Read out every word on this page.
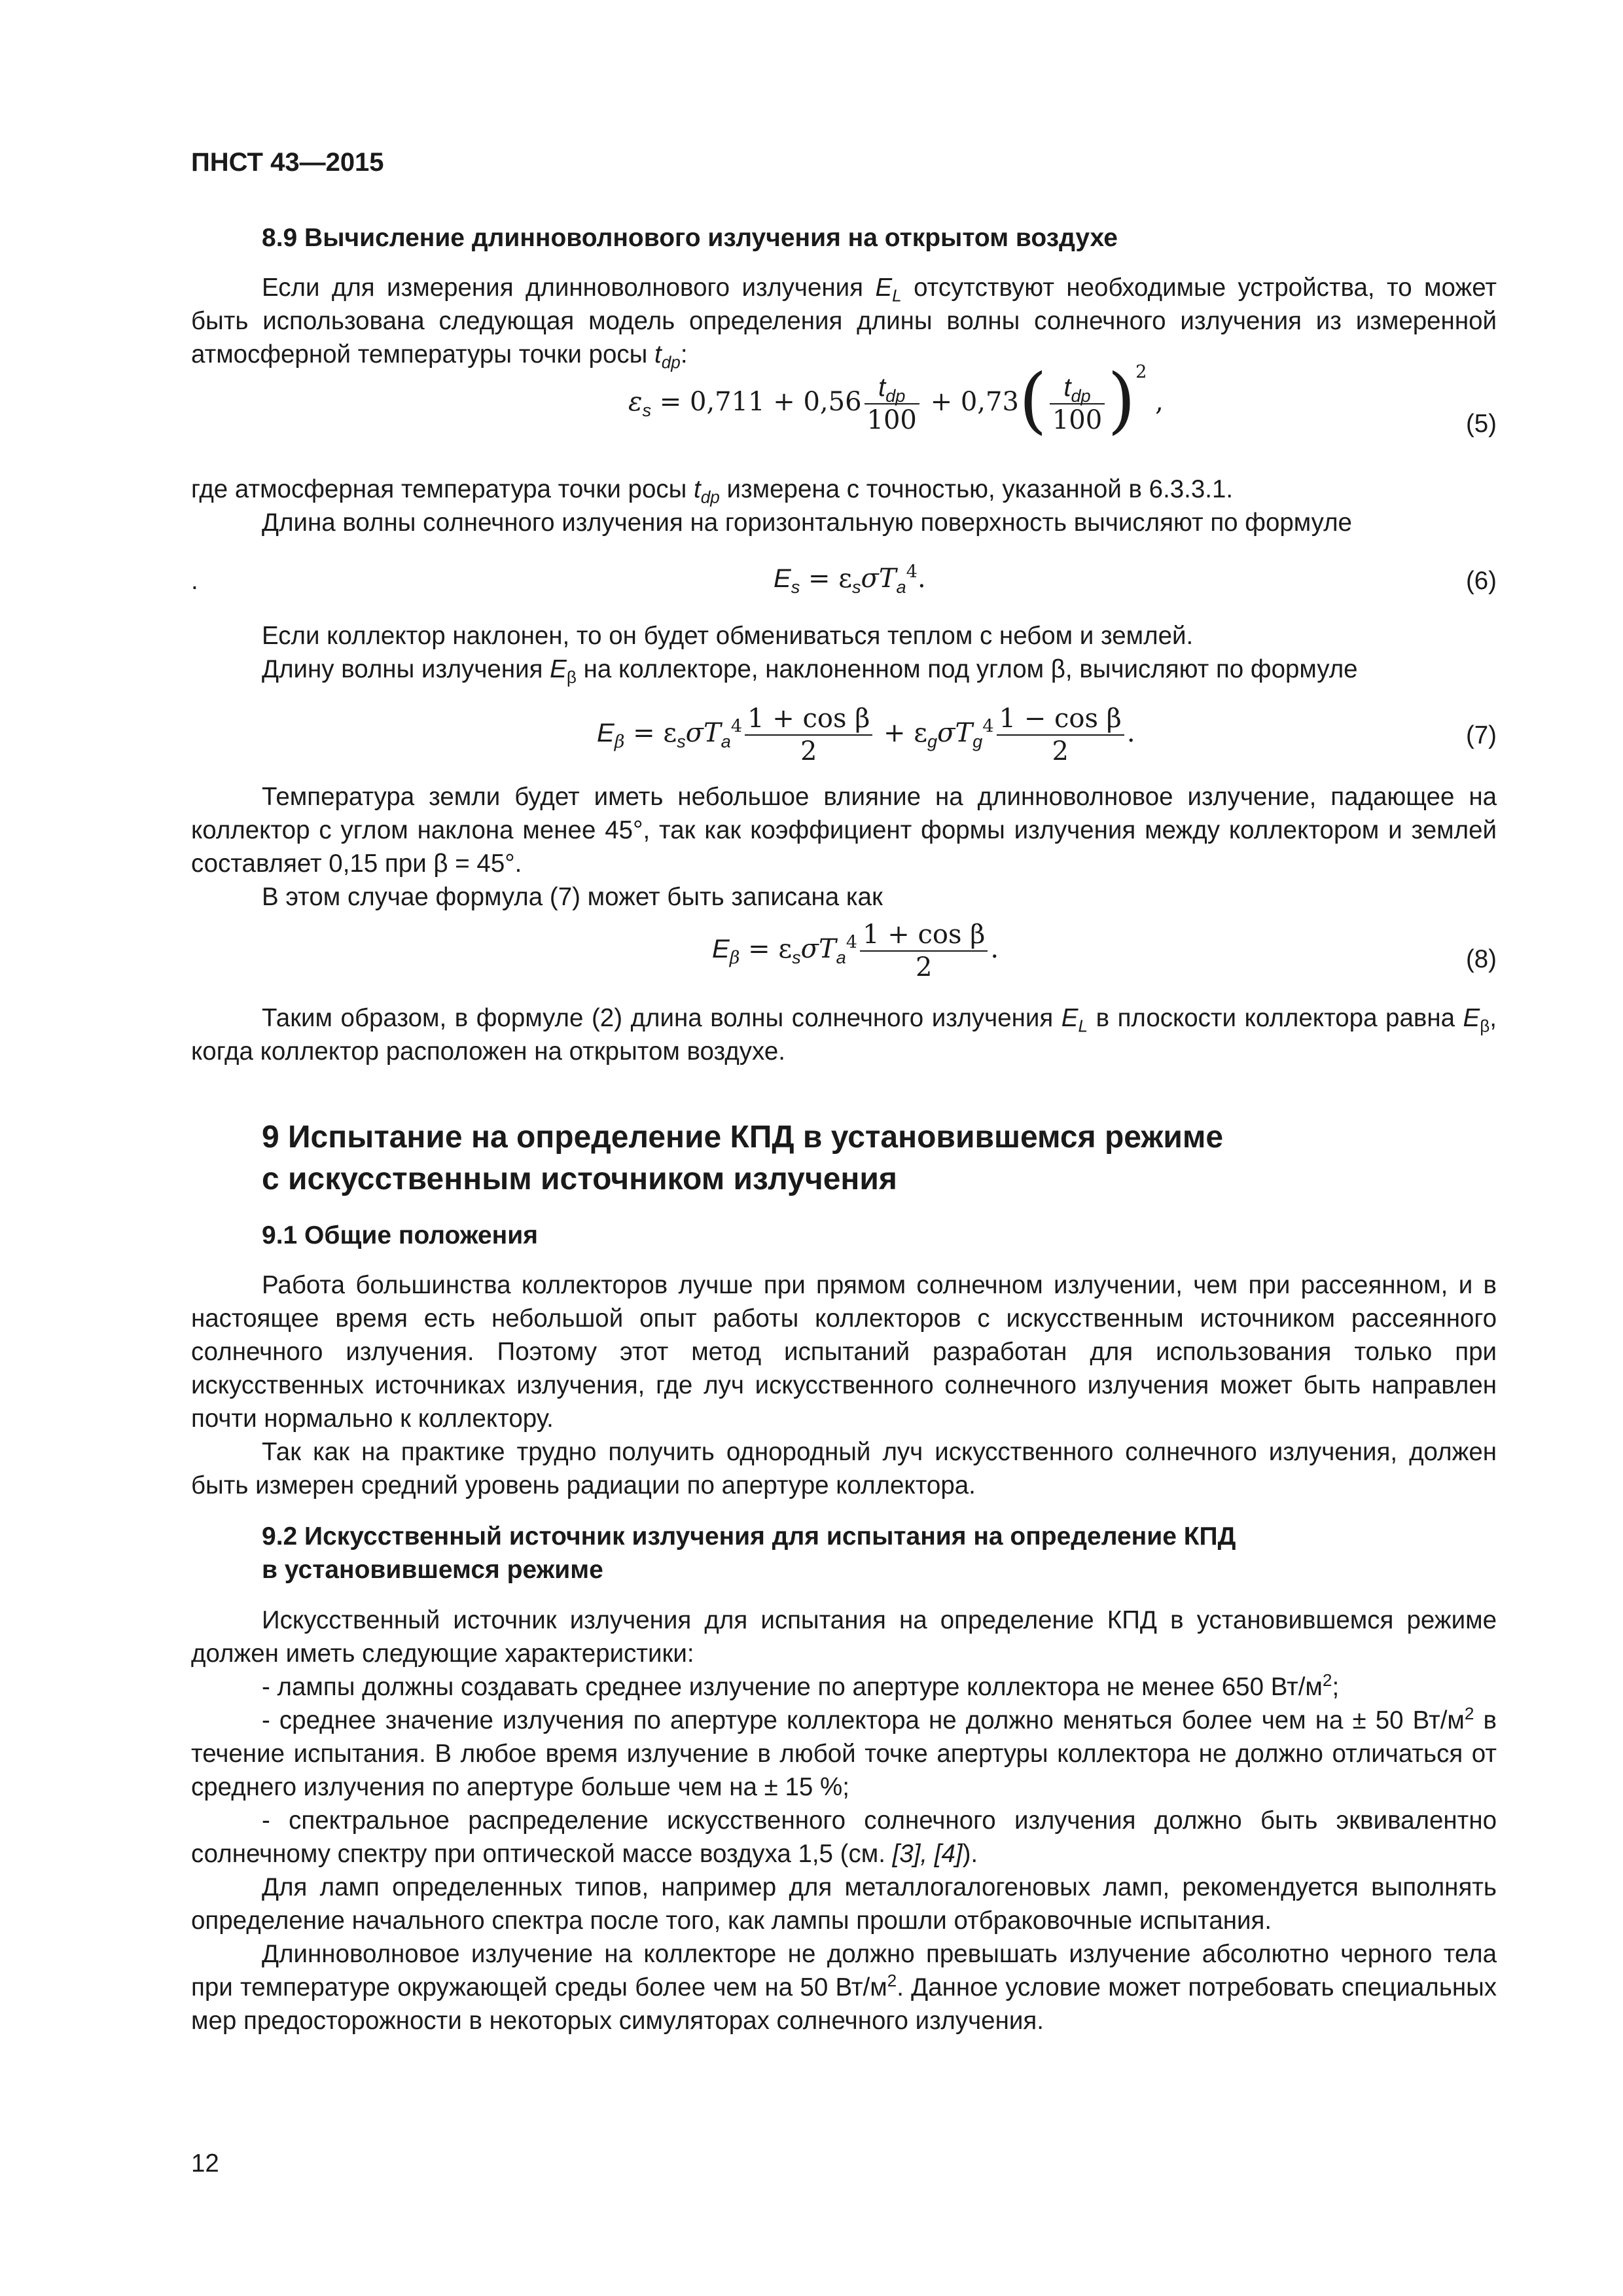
ПНСТ 43—2015
8.9 Вычисление длинноволнового излучения на открытом воздухе

Если для измерения длинноволнового излучения $E_L$ отсутствуют необходимые устройства, то может быть использована следующая модель определения длины волны солнечного излучения из измеренной атмосферной температуры точки росы $t_{dp}$:

$\varepsilon_s = 0,711 + 0,56 \frac{t_{dp}}{100} + 0,73( \frac{t_{dp}}{100} )^2$ ,
(5)

где атмосферная температура точки росы $t_{dp}$ измерена с точностью, указанной в 6.3.3.1.

Длина волны солнечного излучения на горизонтальную поверхность вычисляют по формуле

.	$E_s = \varepsilon_s\sigma T_a^4$.	(6)

Если коллектор наклонен, то он будет обмениваться теплом с небом и землей.

Длину волны излучения $E_\beta$ на коллекторе, наклоненном под углом β, вычисляют по формуле

$E_\beta = \varepsilon_s\sigma T_a^4 \frac{\text{1 + cos β}}{2} + \varepsilon_g\sigma T_g^4 \frac{\text{1 − cos β}}{2}$ .	(7)

Температура земли будет иметь небольшое влияние на длинноволновое излучение, падающее на коллектор с углом наклона менее 45°, так как коэффициент формы излучения между коллектором и землей составляет 0,15 при β = 45°.

В этом случае формула (7) может быть записана как

$E_\beta = \varepsilon_s\sigma T_a^4 \frac{\text{1 + cos β}}{2}$ .	(8)

Таким образом, в формуле (2) длина волны солнечного излучения $E_L$ в плоскости коллектора равна $E_\beta$, когда коллектор расположен на открытом воздухе.

9 Испытание на определение КПД в установившемся режиме
с искусственным источником излучения
9.1 Общие положения

Работа большинства коллекторов лучше при прямом солнечном излучении, чем при рассеянном, и в настоящее время есть небольшой опыт работы коллекторов с искусственным источником рассеянного солнечного излучения. Поэтому этот метод испытаний разработан для использования только при искусственных источниках излучения, где луч искусственного солнечного излучения может быть направлен почти нормально к коллектору.

Так как на практике трудно получить однородный луч искусственного солнечного излучения, должен быть измерен средний уровень радиации по апертуре коллектора.

9.2 Искусственный источник излучения для испытания на определение КПД
в установившемся режиме

Искусственный источник излучения для испытания на определение КПД в установившемся режиме должен иметь следующие характеристики:

- лампы должны создавать среднее излучение по апертуре коллектора не менее 650 $Вт/м^2$;

- среднее значение излучения по апертуре коллектора не должно меняться более чем на ± 50 $Вт/м^2$ в течение испытания. В любое время излучение в любой точке апертуры коллектора не должно отличаться от среднего излучения по апертуре больше чем на ± 15 %;

- спектральное распределение искусственного солнечного излучения должно быть эквивалентно солнечному спектру при оптической массе воздуха 1,5 (см. [3], [4]).

Для ламп определенных типов, например для металлогалогеновых ламп, рекомендуется выполнять определение начального спектра после того, как лампы прошли отбраковочные испытания.

Длинноволновое излучение на коллекторе не должно превышать излучение абсолютно черного тела при температуре окружающей среды более чем на 50 $Вт/м^2$. Данное условие может потребовать специальных мер предосторожности в некоторых симуляторах солнечного излучения.

12
